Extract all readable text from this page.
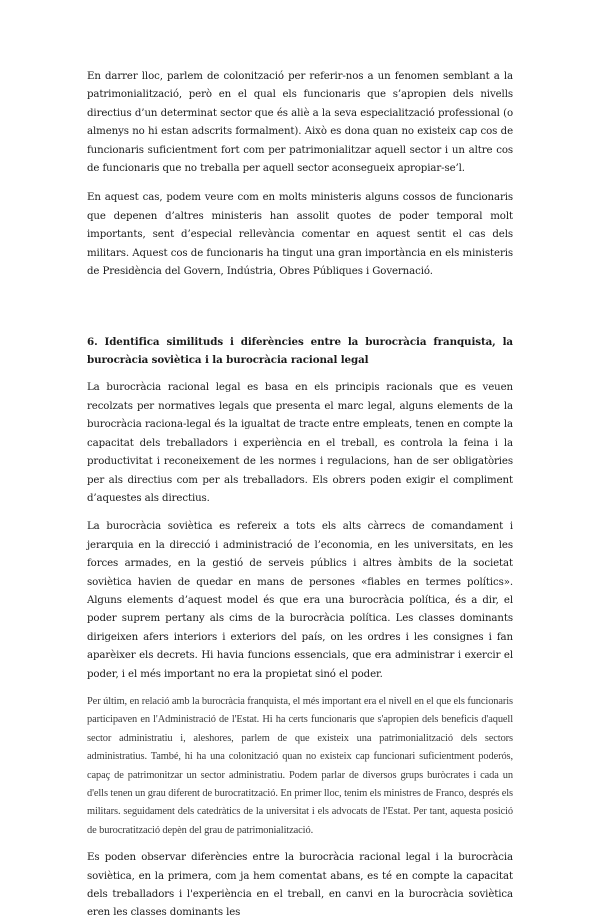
En darrer lloc, parlem de colonització per referir-nos a un fenomen semblant a la patrimonialització, però en el qual els funcionaris que s’apropien dels nivells directius d’un determinat sector que és aliè a la seva especialització professional (o almenys no hi estan adscrits formalment). Això es dona quan no existeix cap cos de funcionaris suficientment fort com per patrimonialitzar aquell sector i un altre cos de funcionaris que no treballa per aquell sector aconsegueix apropiar-se’l.

En aquest cas, podem veure com en molts ministeris alguns cossos de funcionaris que depenen d’altres ministeris han assolit quotes de poder temporal molt importants, sent d’especial rellevància comentar en aquest sentit el cas dels militars. Aquest cos de funcionaris ha tingut una gran importància en els ministeris de Presidència del Govern, Indústria, Obres Públiques i Governació.

6. Identifica similituds i diferències entre la burocràcia franquista, la burocràcia soviètica i la burocràcia racional legal

La burocràcia racional legal es basa en els principis racionals que es veuen recolzats per normatives legals que presenta el marc legal, alguns elements de la burocràcia raciona-legal és la igualtat de tracte entre empleats, tenen en compte la capacitat dels treballadors i experiència en el treball, es controla la feina i la productivitat i reconeixement de les normes i regulacions, han de ser obligatòries per als directius com per als treballadors. Els obrers poden exigir el compliment d’aquestes als directius.

La burocràcia soviètica es refereix a tots els alts càrrecs de comandament i jerarquia en la direcció i administració de l’economia, en les universitats, en les forces armades, en la gestió de serveis públics i altres àmbits de la societat soviètica havien de quedar en mans de persones «fiables en termes polítics». Alguns elements d’aquest model és que era una burocràcia política, és a dir, el poder suprem pertany als cims de la burocràcia política. Les classes dominants dirigeixen afers interiors i exteriors del país, on les ordres i les consignes i fan aparèixer els decrets. Hi havia funcions essencials, que era administrar i exercir el poder, i el més important no era la propietat sinó el poder.

Per últim, en relació amb la burocràcia franquista, el més important era el nivell en el que els funcionaris participaven en l'Administració de l'Estat. Hi ha certs funcionaris que s'apropien dels beneficis d'aquell sector administratiu i, aleshores, parlem de que existeix una patrimonialització dels sectors administratius. També, hi ha una colonització quan no existeix cap funcionari suficientment poderós, capaç de patrimonitzar un sector administratiu. Podem parlar de diversos grups buròcrates i cada un d'ells tenen un grau diferent de burocratització. En primer lloc, tenim els ministres de Franco, després els militars. seguidament dels catedràtics de la universitat i els advocats de l'Estat. Per tant, aquesta posició de burocratització depèn del grau de patrimonialització.

Es poden observar diferències entre la burocràcia racional legal i la burocràcia soviètica, en la primera, com ja hem comentat abans, es té en compte la capacitat dels treballadors i l'experiència en el treball, en canvi en la burocràcia soviètica eren les classes dominants les
